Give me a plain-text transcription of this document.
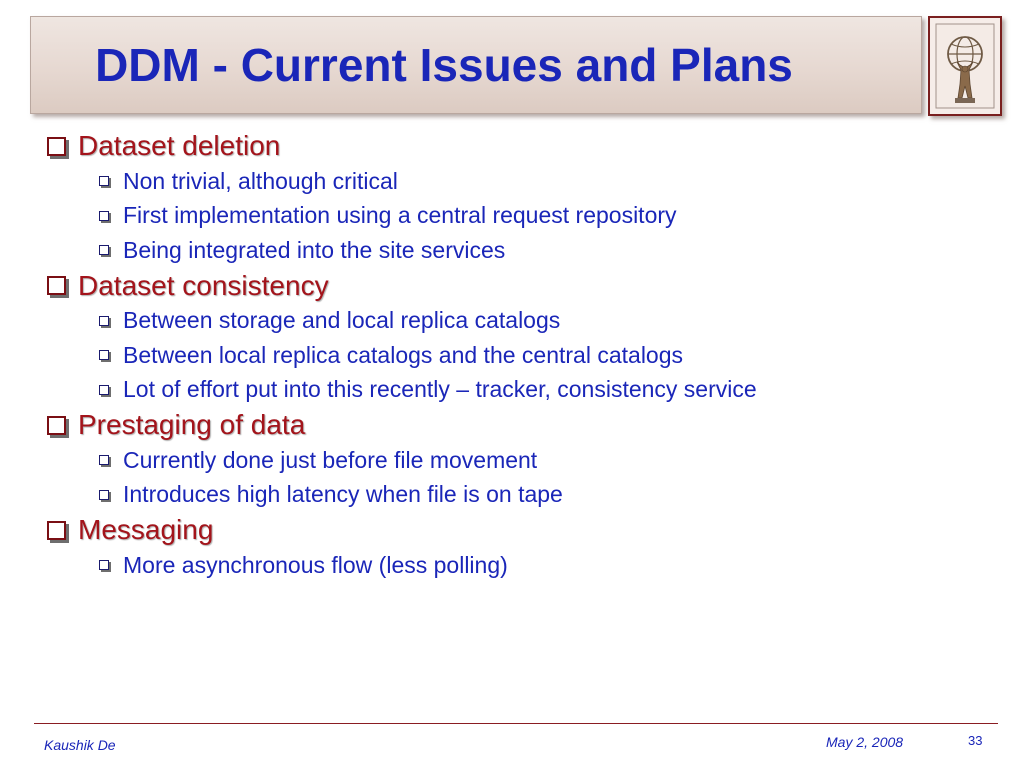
DDM - Current Issues and Plans
Dataset deletion
Non trivial, although critical
First implementation using a central request repository
Being integrated into the site services
Dataset consistency
Between storage and local replica catalogs
Between local replica catalogs and the central catalogs
Lot of effort put into this recently – tracker, consistency service
Prestaging of data
Currently done just before file movement
Introduces high latency when file is on tape
Messaging
More asynchronous flow (less polling)
Kaushik De	May 2, 2008	33
